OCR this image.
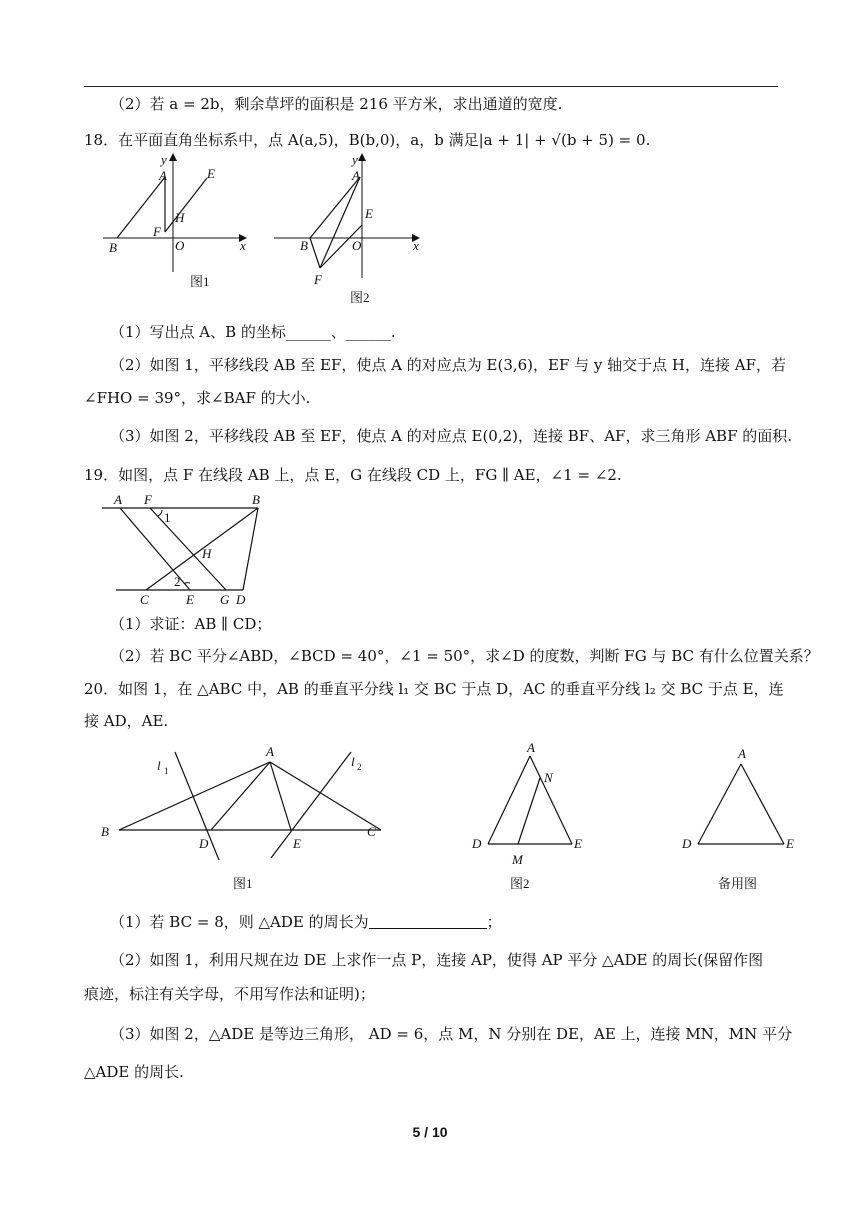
（2）若 a = 2b，剩余草坪的面积是 216 平方米，求出通道的宽度.
18．在平面直角坐标系中，点 A(a,5)，B(b,0)，a，b 满足|a + 1| + √(b + 5) = 0.
B
A	E
H
F
O
y
x
图1
B
A
E
F
O
y
x
图2
（1）写出点 A、B 的坐标______、______.
（2）如图 1，平移线段 AB 至 EF，使点 A 的对应点为 E(3,6)，EF 与 y 轴交于点 H，连接 AF，若
∠FHO = 39°，求∠BAF 的大小.
（3）如图 2，平移线段 AB 至 EF，使点 A 的对应点 E(0,2)，连接 BF、AF，求三角形 ABF 的面积.
19．如图，点 F 在线段 AB 上，点 E，G 在线段 CD 上，FG ∥ AE，∠1 = ∠2.
A F	B
1
H
2
C	E G D
（1）求证：AB ∥ CD；
（2）若 BC 平分∠ABD，∠BCD = 40°，∠1 = 50°，求∠D 的度数，判断 FG 与 BC 有什么位置关系？
20．如图 1，在 △ABC 中，AB 的垂直平分线 l₁ 交 BC 于点 D，AC 的垂直平分线 l₂ 交 BC 于点 E，连
接 AD，AE.
l 1
l 2
A
B
D	E
C
图1
A
N
D	E
M
图2
A
D	E
备用图
（1）若 BC = 8，则 △ADE 的周长为	；
（2）如图 1，利用尺规在边 DE 上求作一点 P，连接 AP，使得 AP 平分 △ADE 的周长(保留作图
痕迹，标注有关字母，不用写作法和证明)；
（3）如图 2，△ADE 是等边三角形， AD = 6，点 M，N 分别在 DE，AE 上，连接 MN，MN 平分
△ADE 的周长.
5 / 10
